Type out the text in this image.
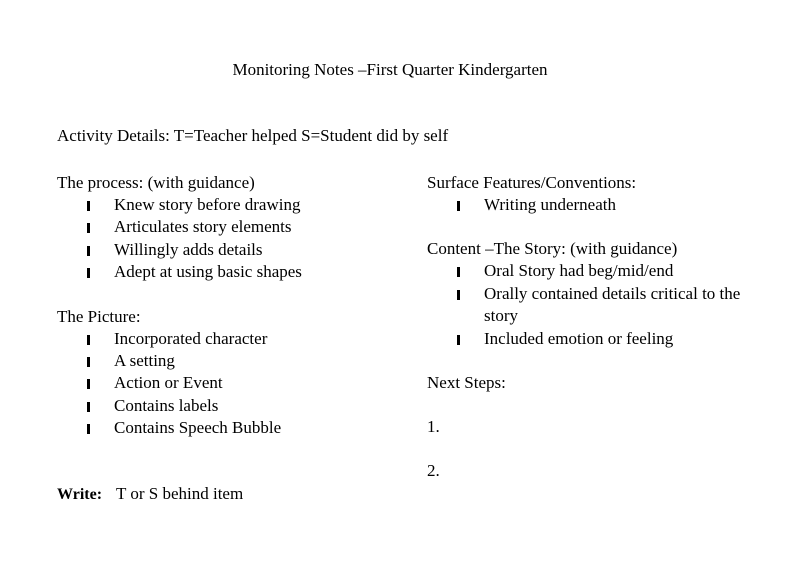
Monitoring Notes –First Quarter Kindergarten
Activity Details: T=Teacher helped S=Student did by self
The process: (with guidance)
Knew story before drawing
Articulates story elements
Willingly adds details
Adept at using basic shapes
The Picture:
Incorporated character
A setting
Action or Event
Contains labels
Contains Speech Bubble
Surface Features/Conventions:
Writing underneath
Content –The Story: (with guidance)
Oral Story had beg/mid/end
Orally contained details critical to the story
Included emotion or feeling
Next Steps:
1.
2.
Write: T or S behind item
